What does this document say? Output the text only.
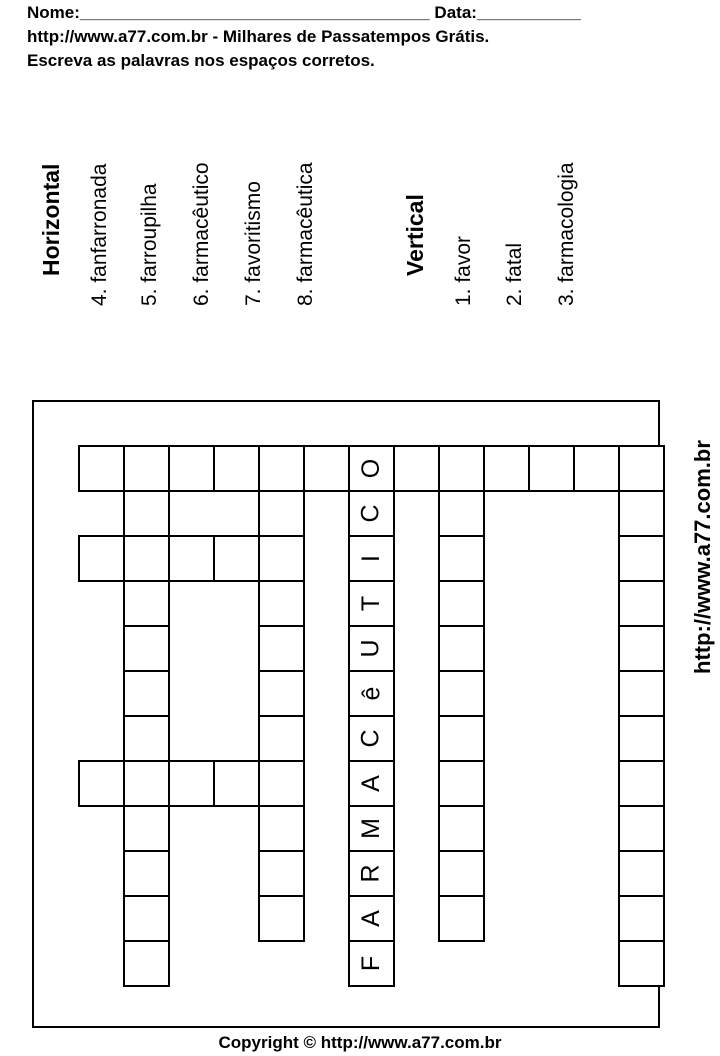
Nome:_____________________________________ Data:___________
http://www.a77.com.br - Milhares de Passatempos Grátis.
Escreva as palavras nos espaços corretos.
Horizontal 4. fanfarronada 5. farroupilha 6. farmacêutico 7. favoritismo 8. farmacêutica	Vertical 1. favor 2. fatal 3. farmacologia
http://www.a77.com.br
O
C
I
T
U
ê
C
A
M
R
A
F
Copyright © http://www.a77.com.br
